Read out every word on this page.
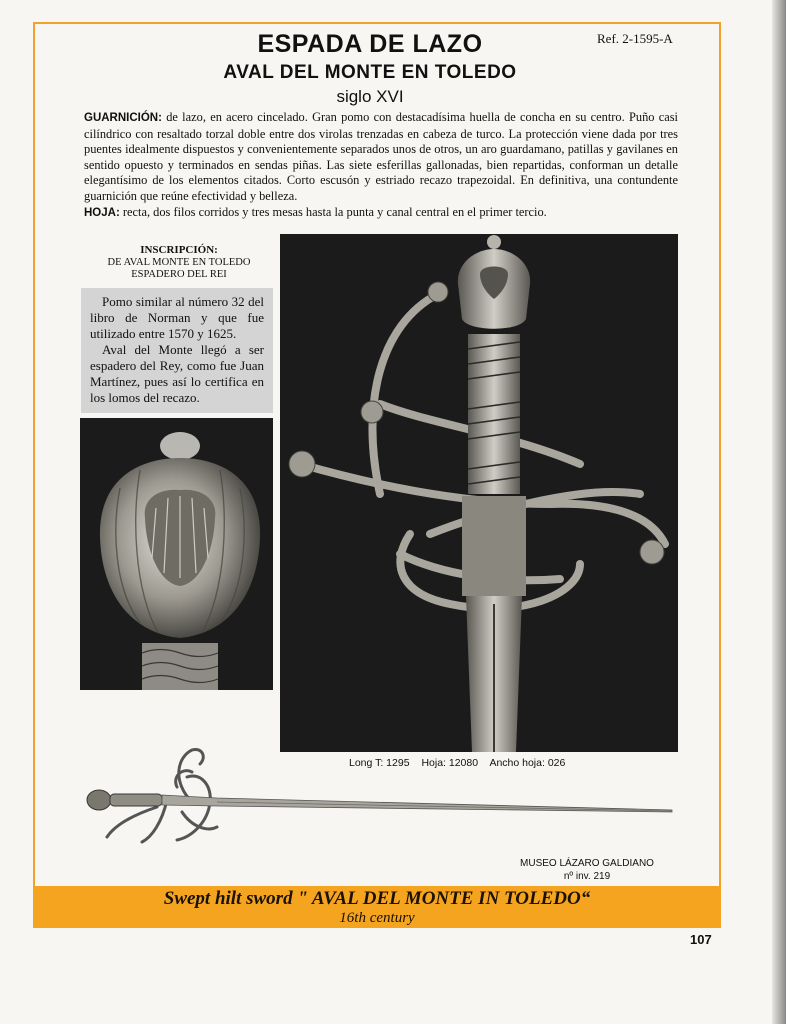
Ref. 2-1595-A
ESPADA DE LAZO
AVAL DEL MONTE EN TOLEDO
siglo XVI

GUARNICIÓN: de lazo, en acero cincelado. Gran pomo con destacadísima huella de concha en su centro. Puño casi cilíndrico con resaltado torzal doble entre dos virolas trenzadas en cabeza de turco. La protección viene dada por tres puentes idealmente dispuestos y convenientemente separados unos de otros, un aro guardamano, patillas y gavilanes en sentido opuesto y terminados en sendas piñas. Las siete esferillas gallonadas, bien repartidas, conforman un detalle elegantísimo de los elementos citados. Corto escusón y estriado recazo trapezoidal. En definitiva, una contundente guarnición que reúne efectividad y belleza.
HOJA: recta, dos filos corridos y tres mesas hasta la punta y canal central en el primer tercio.

INSCRIPCIÓN:
DE AVAL MONTE EN TOLEDO
ESPADERO DEL REI

Pomo similar al número 32 del libro de Norman y que fue utilizado entre 1570 y 1625.

Aval del Monte llegó a ser espadero del Rey, como fue Juan Martínez, pues así lo certifica en los lomos del recazo.

Long T: 1295 Hoja: 12080 Ancho hoja: 026
MUSEO LÁZARO GALDIANO
nº inv. 219
Swept hilt sword " AVAL DEL MONTE IN TOLEDO“
16th century
107
